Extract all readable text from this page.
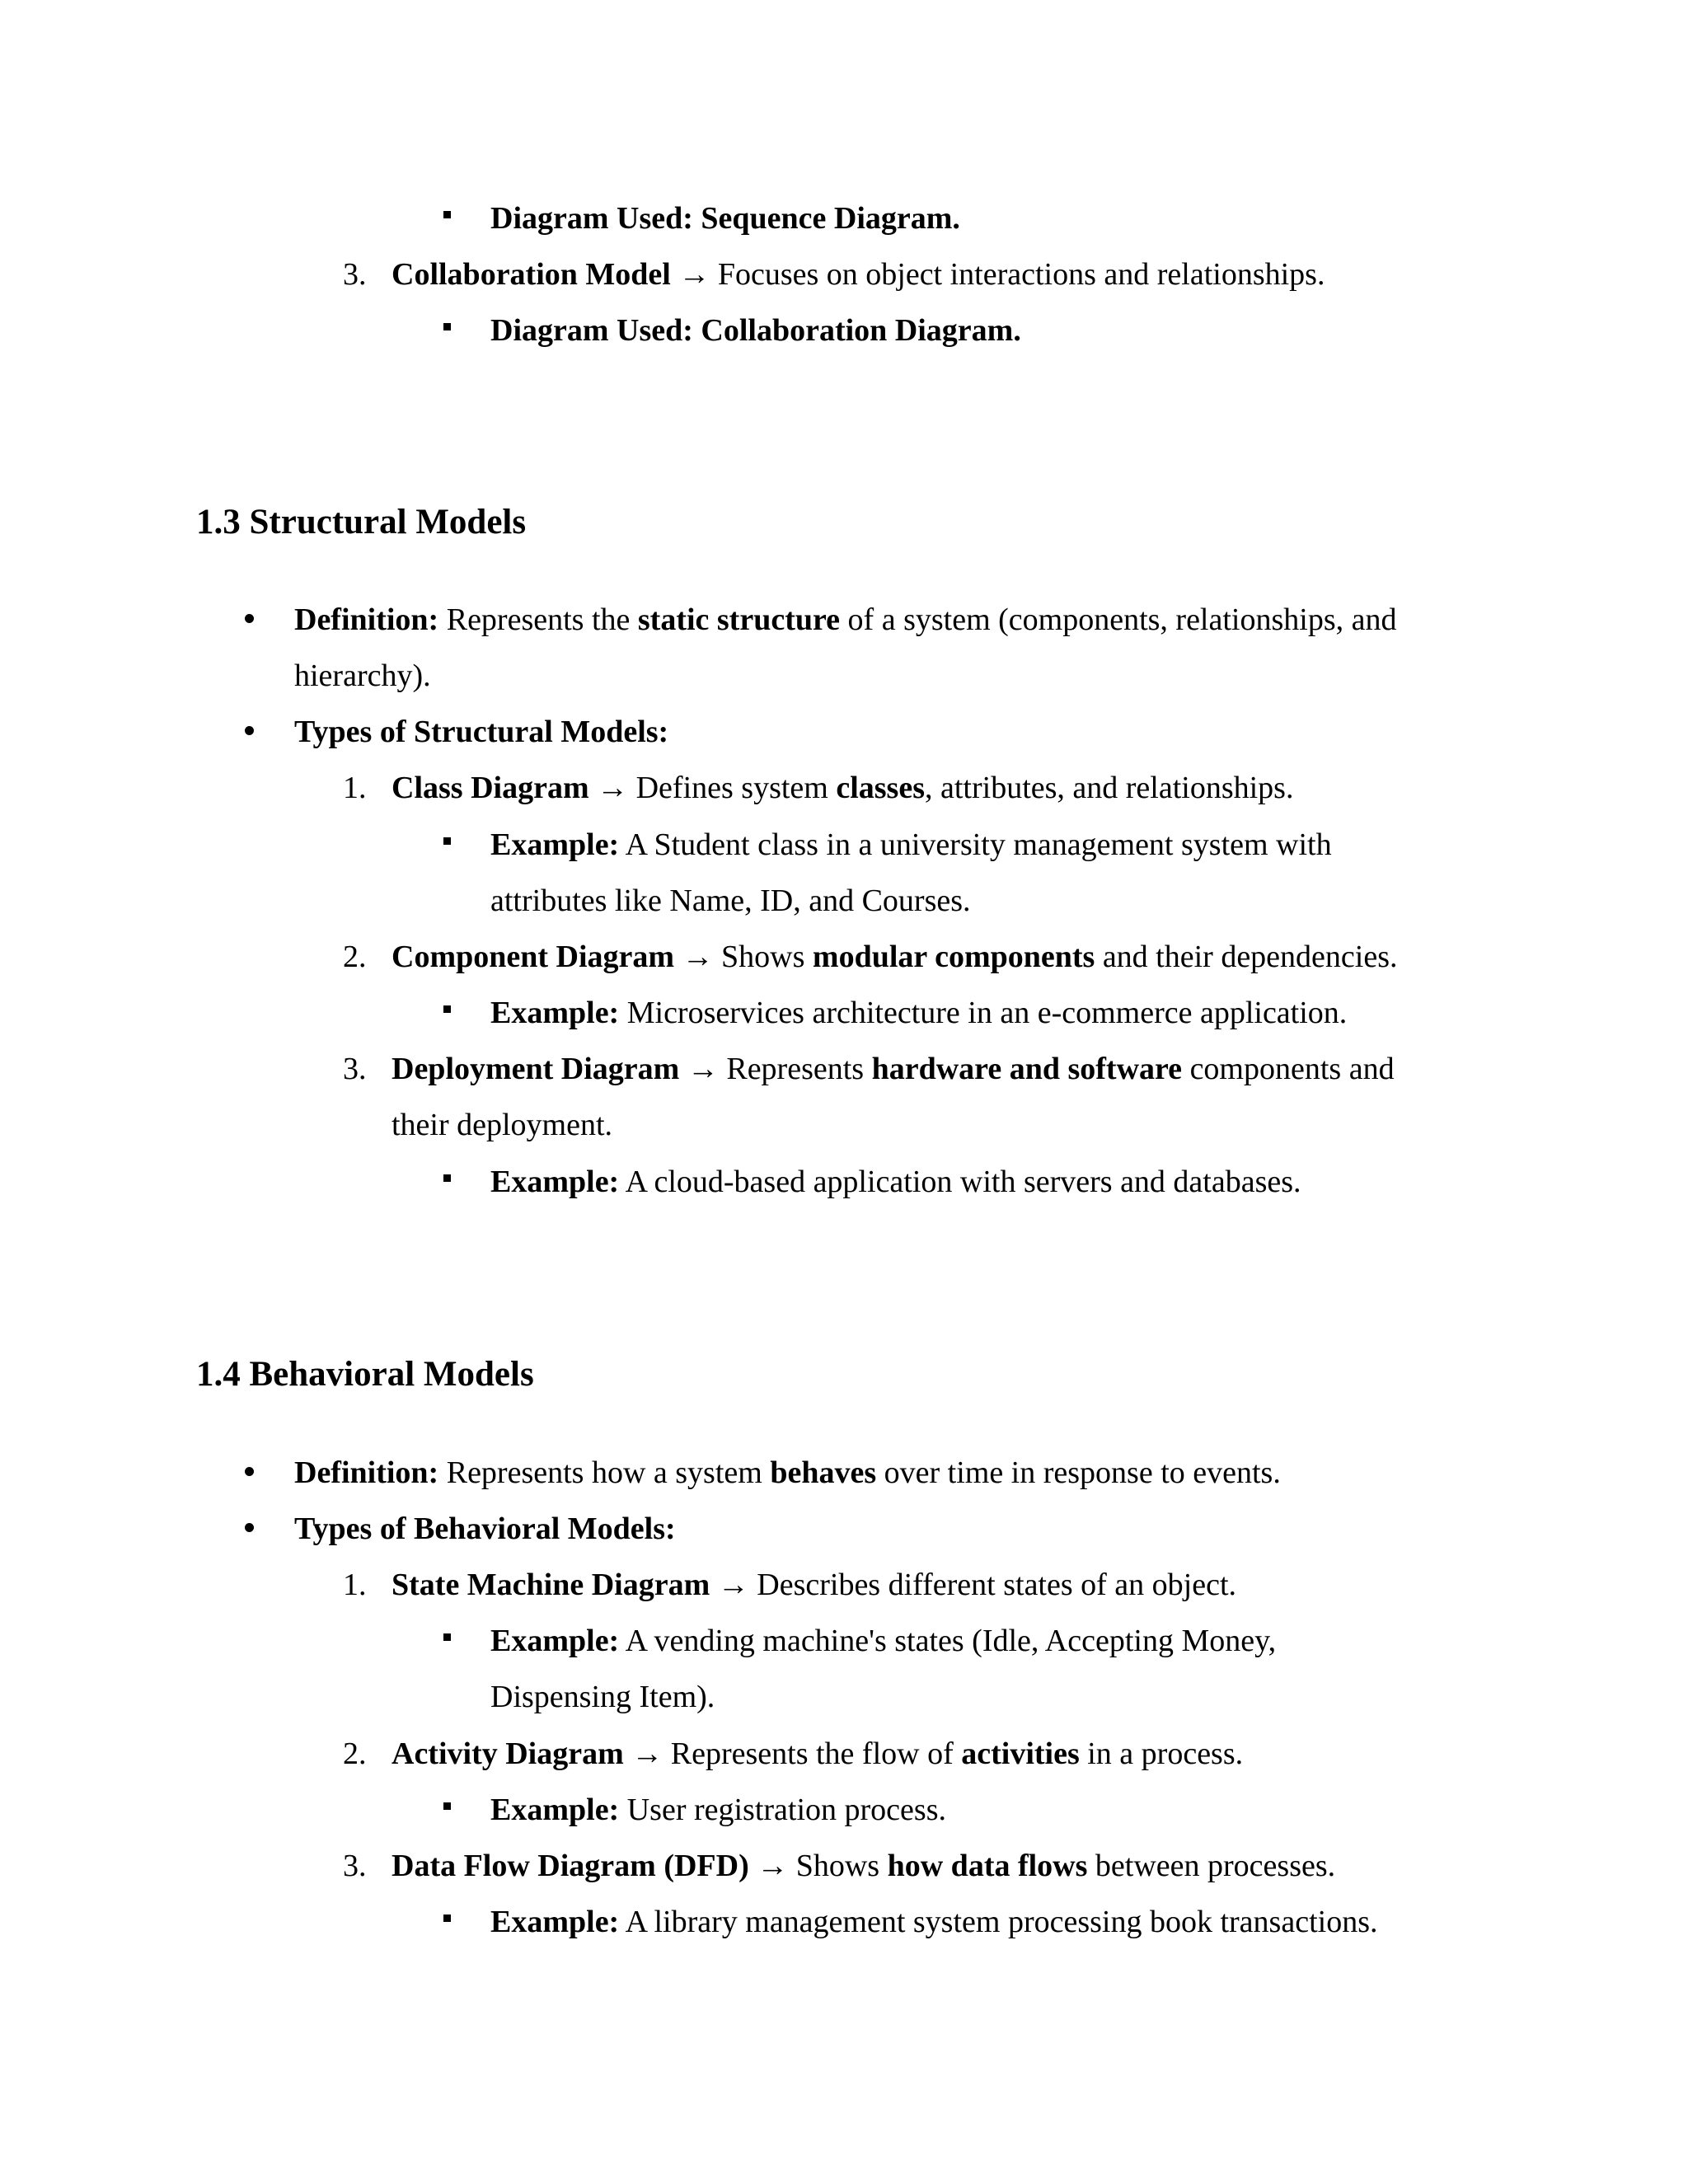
Diagram Used: Sequence Diagram.
3. Collaboration Model → Focuses on object interactions and relationships.
Diagram Used: Collaboration Diagram.
1.3 Structural Models
Definition: Represents the static structure of a system (components, relationships, and
hierarchy).
Types of Structural Models:
1. Class Diagram → Defines system classes, attributes, and relationships.
Example: A Student class in a university management system with
attributes like Name, ID, and Courses.
2. Component Diagram → Shows modular components and their dependencies.
Example: Microservices architecture in an e-commerce application.
3. Deployment Diagram → Represents hardware and software components and
their deployment.
Example: A cloud-based application with servers and databases.
1.4 Behavioral Models
Definition: Represents how a system behaves over time in response to events.
Types of Behavioral Models:
1. State Machine Diagram → Describes different states of an object.
Example: A vending machine's states (Idle, Accepting Money,
Dispensing Item).
2. Activity Diagram → Represents the flow of activities in a process.
Example: User registration process.
3. Data Flow Diagram (DFD) → Shows how data flows between processes.
Example: A library management system processing book transactions.
